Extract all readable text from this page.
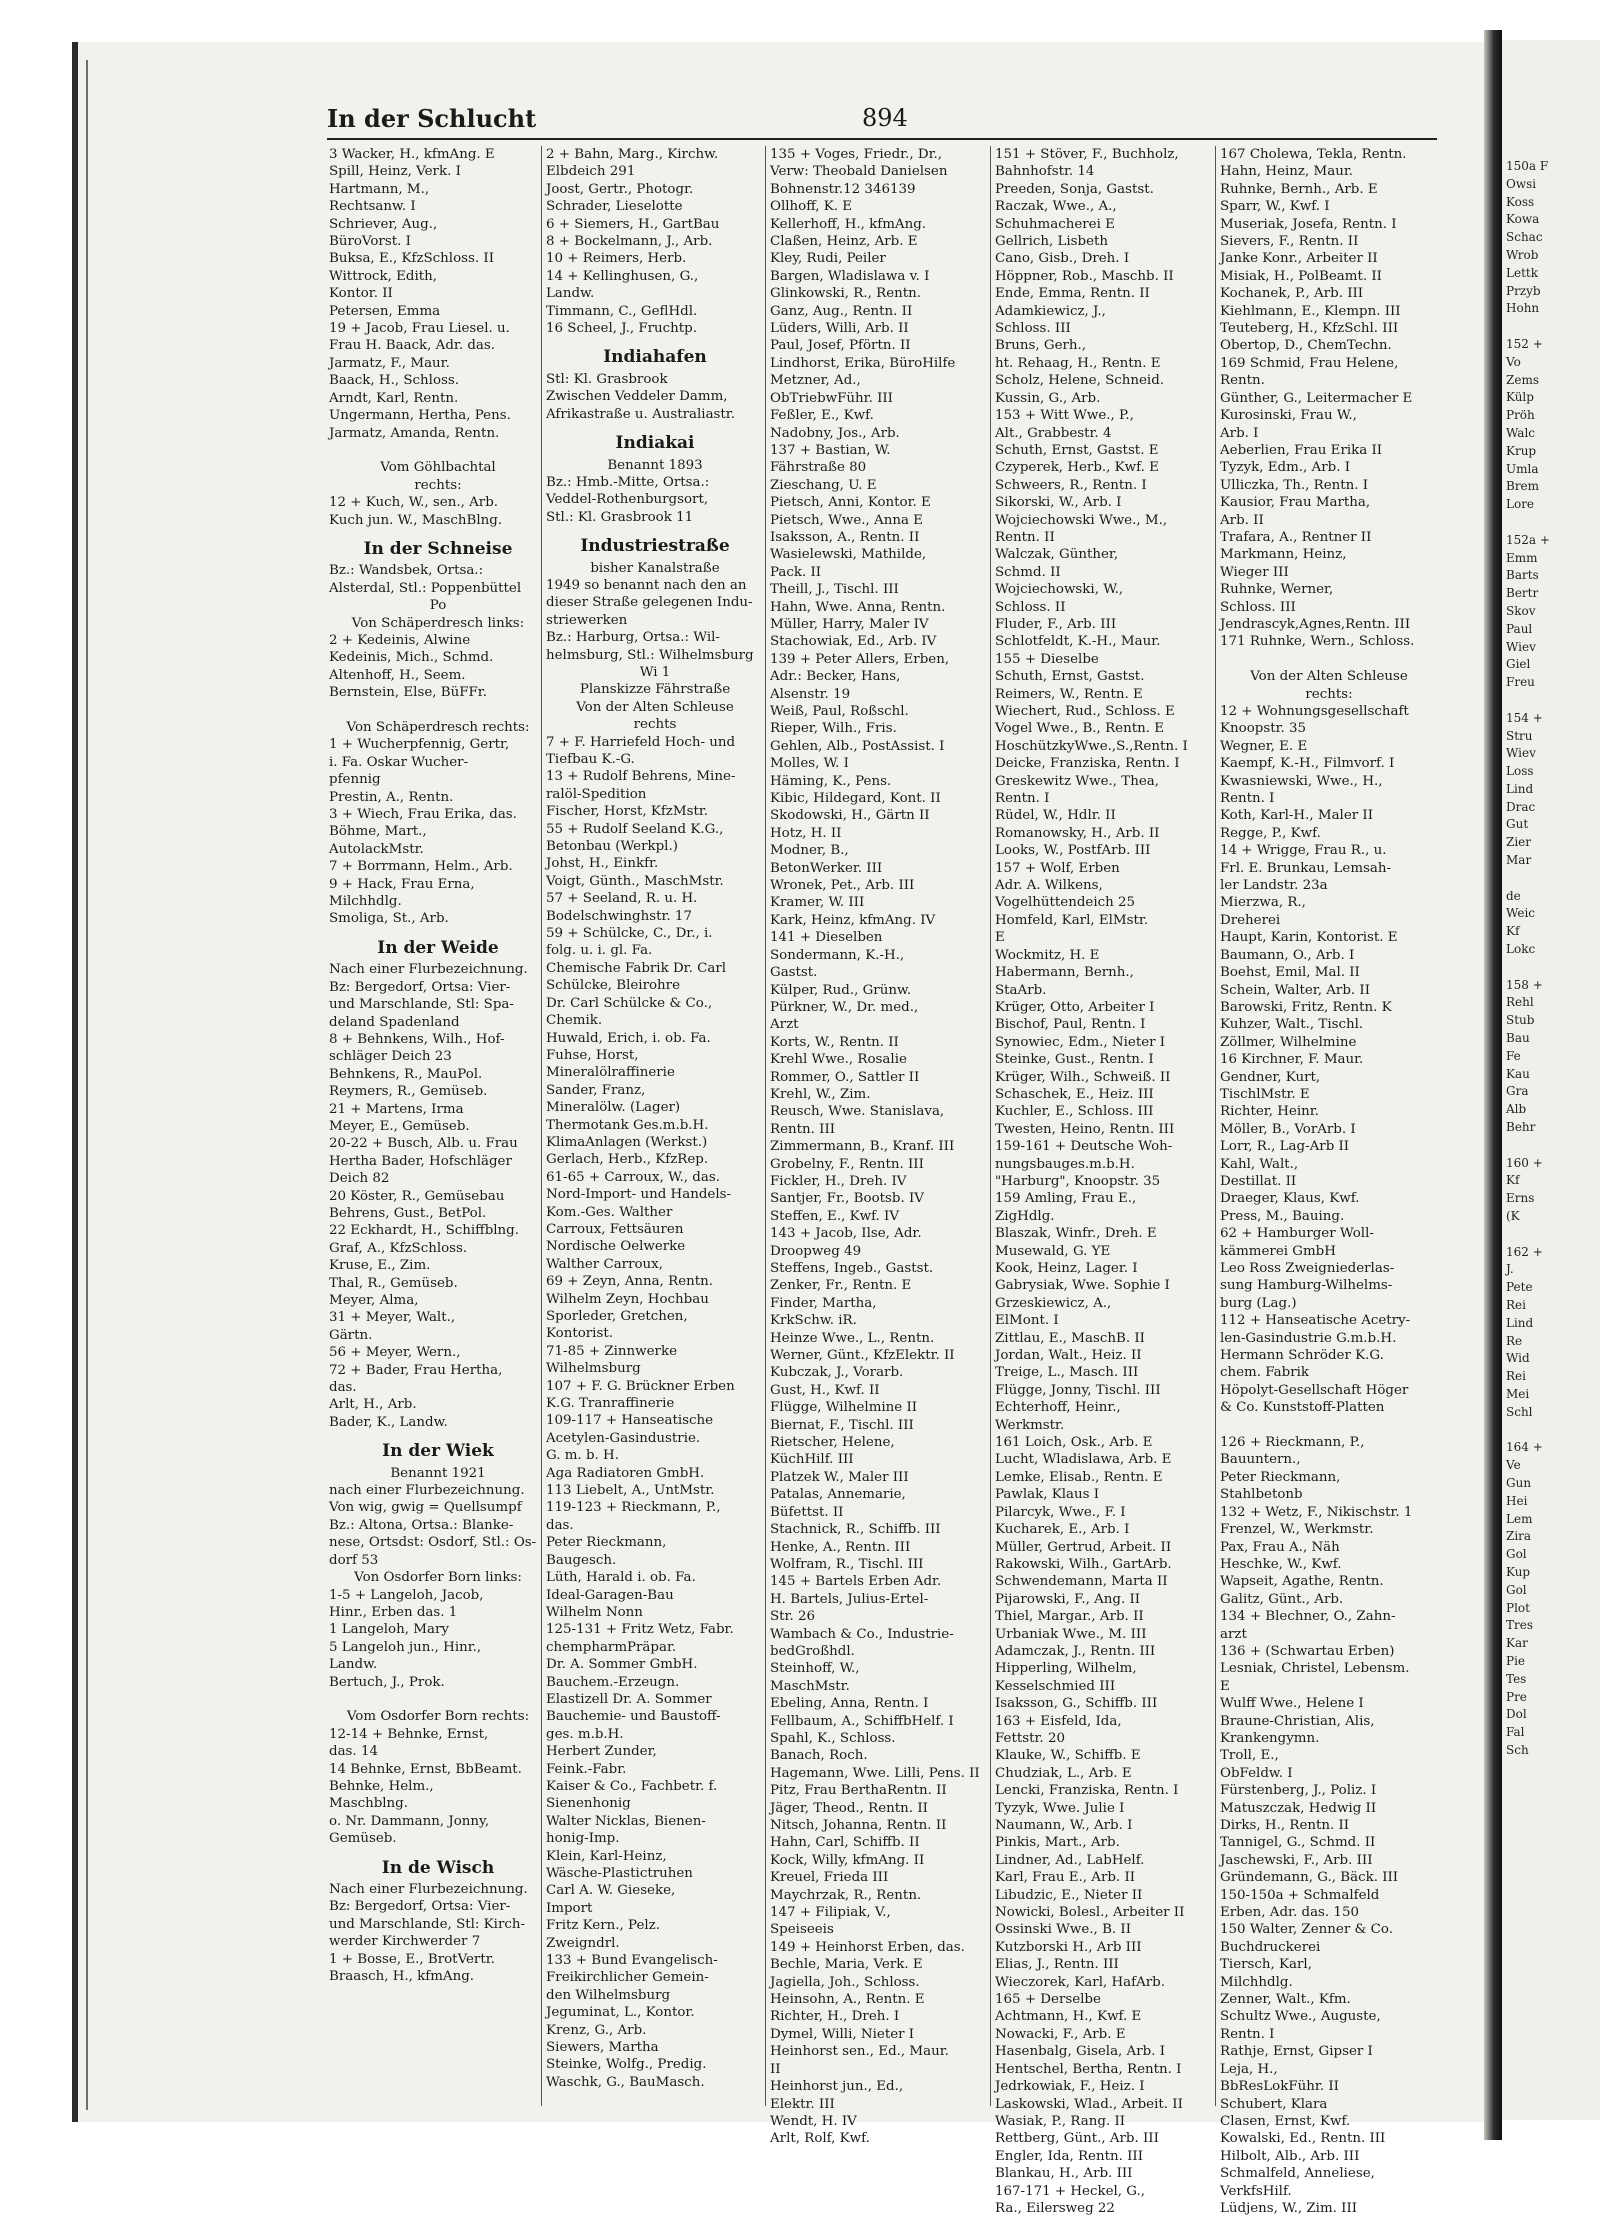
150a F
Owsi
Koss
Kowa
Schac
Wrob
Lettk
Przyb
Hohn

152 +
Vo
Zems
Külp
Pröh
Walc
Krup
Umla
Brem
Lore

152a +
Emm
Barts
Bertr
Skov
Paul
Wiev
Giel
Freu

154 +
Stru
Wiev
Loss
Lind
Drac
Gut
Zier
Mar

de
Weic
Kf
Lokc

158 +
Rehl
Stub
Bau
Fe
Kau
Gra
Alb
Behr

160 +
Kf
Erns
(K

162 +
J.
Pete
Rei
Lind
Re
Wid
Rei
Mei
Schl

164 +
Ve
Gun
Hei
Lem
Zira
Gol
Kup
Gol
Plot
Tres
Kar
Pie
Tes
Pre
Dol
Fal
Sch
In der Schlucht	894
3 Wacker, H., kfmAng. E
Spill, Heinz, Verk. I
Hartmann, M.,
Rechtsanw. I
Schriever, Aug.,
BüroVorst. I
Buksa, E., KfzSchloss. II
Wittrock, Edith,
Kontor. II
Petersen, Emma
19 + Jacob, Frau Liesel. u.
Frau H. Baack, Adr. das.
Jarmatz, F., Maur.
Baack, H., Schloss.
Arndt, Karl, Rentn.
Ungermann, Hertha, Pens.
Jarmatz, Amanda, Rentn.

Vom Göhlbachtal
rechts:
12 + Kuch, W., sen., Arb.
Kuch jun. W., MaschBlng.
In der Schneise
Bz.: Wandsbek, Ortsa.:
Alsterdal, Stl.: Poppenbüttel
Po
Von Schäperdresch links:
2 + Kedeinis, Alwine
Kedeinis, Mich., Schmd.
Altenhoff, H., Seem.
Bernstein, Else, BüFFr.

Von Schäperdresch rechts:
1 + Wucherpfennig, Gertr,
i. Fa. Oskar Wucher-
pfennig
Prestin, A., Rentn.
3 + Wiech, Frau Erika, das.
Böhme, Mart.,
AutolackMstr.
7 + Borrmann, Helm., Arb.
9 + Hack, Frau Erna,
Milchhdlg.
Smoliga, St., Arb.
In der Weide
Nach einer Flurbezeichnung.
Bz: Bergedorf, Ortsa: Vier-
und Marschlande, Stl: Spa-
deland Spadenland
8 + Behnkens, Wilh., Hof-
schläger Deich 23
Behnkens, R., MauPol.
Reymers, R., Gemüseb.
21 + Martens, Irma
Meyer, E., Gemüseb.
20-22 + Busch, Alb. u. Frau
Hertha Bader, Hofschläger
Deich 82
20 Köster, R., Gemüsebau
Behrens, Gust., BetPol.
22 Eckhardt, H., Schiffblng.
Graf, A., KfzSchloss.
Kruse, E., Zim.
Thal, R., Gemüseb.
Meyer, Alma,
31 + Meyer, Walt.,
Gärtn.
56 + Meyer, Wern.,
72 + Bader, Frau Hertha,
das.
Arlt, H., Arb.
Bader, K., Landw.
In der Wiek
Benannt 1921
nach einer Flurbezeichnung.
Von wig, gwig = Quellsumpf
Bz.: Altona, Ortsa.: Blanke-
nese, Ortsdst: Osdorf, Stl.: Os-
dorf 53
Von Osdorfer Born links:
1-5 + Langeloh, Jacob,
Hinr., Erben das. 1
1 Langeloh, Mary
5 Langeloh jun., Hinr.,
Landw.
Bertuch, J., Prok.

Vom Osdorfer Born rechts:
12-14 + Behnke, Ernst,
das. 14
14 Behnke, Ernst, BbBeamt.
Behnke, Helm.,
Maschblng.
o. Nr. Dammann, Jonny,
Gemüseb.
In de Wisch
Nach einer Flurbezeichnung.
Bz: Bergedorf, Ortsa: Vier-
und Marschlande, Stl: Kirch-
werder Kirchwerder 7
1 + Bosse, E., BrotVertr.
Braasch, H., kfmAng.
2 + Bahn, Marg., Kirchw.
Elbdeich 291
Joost, Gertr., Photogr.
Schrader, Lieselotte
6 + Siemers, H., GartBau
8 + Bockelmann, J., Arb.
10 + Reimers, Herb.
14 + Kellinghusen, G.,
Landw.
Timmann, C., GeflHdl.
16 Scheel, J., Fruchtp.
Indiahafen
Stl: Kl. Grasbrook
Zwischen Veddeler Damm,
Afrikastraße u. Australiastr.
Indiakai
Benannt 1893
Bz.: Hmb.-Mitte, Ortsa.:
Veddel-Rothenburgsort,
Stl.: Kl. Grasbrook 11
Industriestraße
bisher Kanalstraße
1949 so benannt nach den an
dieser Straße gelegenen Indu-
striewerken
Bz.: Harburg, Ortsa.: Wil-
helmsburg, Stl.: Wilhelmsburg
Wi 1
Planskizze Fährstraße
Von der Alten Schleuse
rechts
7 + F. Harriefeld Hoch- und
Tiefbau K.-G.
13 + Rudolf Behrens, Mine-
ralöl-Spedition
Fischer, Horst, KfzMstr.
55 + Rudolf Seeland K.G.,
Betonbau (Werkpl.)
Johst, H., Einkfr.
Voigt, Günth., MaschMstr.
57 + Seeland, R. u. H.
Bodelschwinghstr. 17
59 + Schülcke, C., Dr., i.
folg. u. i. gl. Fa.
Chemische Fabrik Dr. Carl
Schülcke, Bleirohre
Dr. Carl Schülcke & Co.,
Chemik.
Huwald, Erich, i. ob. Fa.
Fuhse, Horst,
Mineralölraffinerie
Sander, Franz,
Mineralölw. (Lager)
Thermotank Ges.m.b.H.
KlimaAnlagen (Werkst.)
Gerlach, Herb., KfzRep.
61-65 + Carroux, W., das.
Nord-Import- und Handels-
Kom.-Ges. Walther
Carroux, Fettsäuren
Nordische Oelwerke
Walther Carroux,
69 + Zeyn, Anna, Rentn.
Wilhelm Zeyn, Hochbau
Sporleder, Gretchen,
Kontorist.
71-85 + Zinnwerke
Wilhelmsburg
107 + F. G. Brückner Erben
K.G. Tranraffinerie
109-117 + Hanseatische
Acetylen-Gasindustrie.
G. m. b. H.
Aga Radiatoren GmbH.
113 Liebelt, A., UntMstr.
119-123 + Rieckmann, P.,
das.
Peter Rieckmann,
Baugesch.
Lüth, Harald i. ob. Fa.
Ideal-Garagen-Bau
Wilhelm Nonn
125-131 + Fritz Wetz, Fabr.
chempharmPräpar.
Dr. A. Sommer GmbH.
Bauchem.-Erzeugn.
Elastizell Dr. A. Sommer
Bauchemie- und Baustoff-
ges. m.b.H.
Herbert Zunder,
Feink.-Fabr.
Kaiser & Co., Fachbetr. f.
Sienenhonig
Walter Nicklas, Bienen-
honig-Imp.
Klein, Karl-Heinz,
Wäsche-Plastictruhen
Carl A. W. Gieseke,
Import
Fritz Kern., Pelz.
Zweigndrl.
133 + Bund Evangelisch-
Freikirchlicher Gemein-
den Wilhelmsburg
Jeguminat, L., Kontor.
Krenz, G., Arb.
Siewers, Martha
Steinke, Wolfg., Predig.
Waschk, G., BauMasch.
135 + Voges, Friedr., Dr.,
Verw: Theobald Danielsen
Bohnenstr.12 346139
Ollhoff, K. E
Kellerhoff, H., kfmAng.
Claßen, Heinz, Arb. E
Kley, Rudi, Peiler
Bargen, Wladislawa v. I
Glinkowski, R., Rentn.
Ganz, Aug., Rentn. II
Lüders, Willi, Arb. II
Paul, Josef, Pförtn. II
Lindhorst, Erika, BüroHilfe
Metzner, Ad.,
ObTriebwFühr. III
Feßler, E., Kwf.
Nadobny, Jos., Arb.
137 + Bastian, W.
Fährstraße 80
Zieschang, U. E
Pietsch, Anni, Kontor. E
Pietsch, Wwe., Anna E
Isaksson, A., Rentn. II
Wasielewski, Mathilde,
Pack. II
Theill, J., Tischl. III
Hahn, Wwe. Anna, Rentn.
Müller, Harry, Maler IV
Stachowiak, Ed., Arb. IV
139 + Peter Allers, Erben,
Adr.: Becker, Hans,
Alsenstr. 19
Weiß, Paul, Roßschl.
Rieper, Wilh., Fris.
Gehlen, Alb., PostAssist. I
Molles, W. I
Häming, K., Pens.
Kibic, Hildegard, Kont. II
Skodowski, H., Gärtn II
Hotz, H. II
Modner, B.,
BetonWerker. III
Wronek, Pet., Arb. III
Kramer, W. III
Kark, Heinz, kfmAng. IV
141 + Dieselben
Sondermann, K.-H.,
Gastst.
Külper, Rud., Grünw.
Pürkner, W., Dr. med.,
Arzt
Korts, W., Rentn. II
Krehl Wwe., Rosalie
Rommer, O., Sattler II
Krehl, W., Zim.
Reusch, Wwe. Stanislava,
Rentn. III
Zimmermann, B., Kranf. III
Grobelny, F., Rentn. III
Fickler, H., Dreh. IV
Santjer, Fr., Bootsb. IV
Steffen, E., Kwf. IV
143 + Jacob, Ilse, Adr.
Droopweg 49
Steffens, Ingeb., Gastst.
Zenker, Fr., Rentn. E
Finder, Martha,
KrkSchw. iR.
Heinze Wwe., L., Rentn.
Werner, Günt., KfzElektr. II
Kubczak, J., Vorarb.
Gust, H., Kwf. II
Flügge, Wilhelmine II
Biernat, F., Tischl. III
Rietscher, Helene,
KüchHilf. III
Platzek W., Maler III
Patalas, Annemarie,
Büfettst. II
Stachnick, R., Schiffb. III
Henke, A., Rentn. III
Wolfram, R., Tischl. III
145 + Bartels Erben Adr.
H. Bartels, Julius-Ertel-
Str. 26
Wambach & Co., Industrie-
bedGroßhdl.
Steinhoff, W.,
MaschMstr.
Ebeling, Anna, Rentn. I
Fellbaum, A., SchiffbHelf. I
Spahl, K., Schloss.
Banach, Roch.
Hagemann, Wwe. Lilli, Pens. II
Pitz, Frau BerthaRentn. II
Jäger, Theod., Rentn. II
Nitsch, Johanna, Rentn. II
Hahn, Carl, Schiffb. II
Kock, Willy, kfmAng. II
Kreuel, Frieda III
Maychrzak, R., Rentn.
147 + Filipiak, V.,
Speiseeis
149 + Heinhorst Erben, das.
Bechle, Maria, Verk. E
Jagiella, Joh., Schloss.
Heinsohn, A., Rentn. E
Richter, H., Dreh. I
Dymel, Willi, Nieter I
Heinhorst sen., Ed., Maur.
II
Heinhorst jun., Ed.,
Elektr. III
Wendt, H. IV
Arlt, Rolf, Kwf.
151 + Stöver, F., Buchholz,
Bahnhofstr. 14
Preeden, Sonja, Gastst.
Raczak, Wwe., A.,
Schuhmacherei E
Gellrich, Lisbeth
Cano, Gisb., Dreh. I
Höppner, Rob., Maschb. II
Ende, Emma, Rentn. II
Adamkiewicz, J.,
Schloss. III
Bruns, Gerh.,
ht. Rehaag, H., Rentn. E
Scholz, Helene, Schneid.
Kussin, G., Arb.
153 + Witt Wwe., P.,
Alt., Grabbestr. 4
Schuth, Ernst, Gastst. E
Czyperek, Herb., Kwf. E
Schweers, R., Rentn. I
Sikorski, W., Arb. I
Wojciechowski Wwe., M.,
Rentn. II
Walczak, Günther,
Schmd. II
Wojciechowski, W.,
Schloss. II
Fluder, F., Arb. III
Schlotfeldt, K.-H., Maur.
155 + Dieselbe
Schuth, Ernst, Gastst.
Reimers, W., Rentn. E
Wiechert, Rud., Schloss. E
Vogel Wwe., B., Rentn. E
HoschützkyWwe.,S.,Rentn. I
Deicke, Franziska, Rentn. I
Greskewitz Wwe., Thea,
Rentn. I
Rüdel, W., Hdlr. II
Romanowsky, H., Arb. II
Looks, W., PostfArb. III
157 + Wolf, Erben
Adr. A. Wilkens,
Vogelhüttendeich 25
Homfeld, Karl, ElMstr.
E
Wockmitz, H. E
Habermann, Bernh.,
StaArb.
Krüger, Otto, Arbeiter I
Bischof, Paul, Rentn. I
Synowiec, Edm., Nieter I
Steinke, Gust., Rentn. I
Krüger, Wilh., Schweiß. II
Schaschek, E., Heiz. III
Kuchler, E., Schloss. III
Twesten, Heino, Rentn. III
159-161 + Deutsche Woh-
nungsbauges.m.b.H.
"Harburg", Knoopstr. 35
159 Amling, Frau E.,
ZigHdlg.
Blaszak, Winfr., Dreh. E
Musewald, G. YE
Kook, Heinz, Lager. I
Gabrysiak, Wwe. Sophie I
Grzeskiewicz, A.,
ElMont. I
Zittlau, E., MaschB. II
Jordan, Walt., Heiz. II
Treige, L., Masch. III
Flügge, Jonny, Tischl. III
Echterhoff, Heinr.,
Werkmstr.
161 Loich, Osk., Arb. E
Lucht, Wladislawa, Arb. E
Lemke, Elisab., Rentn. E
Pawlak, Klaus I
Pilarcyk, Wwe., F. I
Kucharek, E., Arb. I
Müller, Gertrud, Arbeit. II
Rakowski, Wilh., GartArb.
Schwendemann, Marta II
Pijarowski, F., Ang. II
Thiel, Margar., Arb. II
Urbaniak Wwe., M. III
Adamczak, J., Rentn. III
Hipperling, Wilhelm,
Kesselschmied III
Isaksson, G., Schiffb. III
163 + Eisfeld, Ida,
Fettstr. 20
Klauke, W., Schiffb. E
Chudziak, L., Arb. E
Lencki, Franziska, Rentn. I
Tyzyk, Wwe. Julie I
Naumann, W., Arb. I
Pinkis, Mart., Arb.
Lindner, Ad., LabHelf.
Karl, Frau E., Arb. II
Libudzic, E., Nieter II
Nowicki, Bolesl., Arbeiter II
Ossinski Wwe., B. II
Kutzborski H., Arb III
Elias, J., Rentn. III
Wieczorek, Karl, HafArb.
165 + Derselbe
Achtmann, H., Kwf. E
Nowacki, F., Arb. E
Hasenbalg, Gisela, Arb. I
Hentschel, Bertha, Rentn. I
Jedrkowiak, F., Heiz. I
Laskowski, Wlad., Arbeit. II
Wasiak, P., Rang. II
Rettberg, Günt., Arb. III
Engler, Ida, Rentn. III
Blankau, H., Arb. III
167-171 + Heckel, G.,
Ra., Eilersweg 22
167 Cholewa, Tekla, Rentn.
Hahn, Heinz, Maur.
Ruhnke, Bernh., Arb. E
Sparr, W., Kwf. I
Museriak, Josefa, Rentn. I
Sievers, F., Rentn. II
Janke Konr., Arbeiter II
Misiak, H., PolBeamt. II
Kochanek, P., Arb. III
Kiehlmann, E., Klempn. III
Teuteberg, H., KfzSchl. III
Obertop, D., ChemTechn.
169 Schmid, Frau Helene,
Rentn.
Günther, G., Leitermacher E
Kurosinski, Frau W.,
Arb. I
Aeberlien, Frau Erika II
Tyzyk, Edm., Arb. I
Ulliczka, Th., Rentn. I
Kausior, Frau Martha,
Arb. II
Trafara, A., Rentner II
Markmann, Heinz,
Wieger III
Ruhnke, Werner,
Schloss. III
Jendrascyk,Agnes,Rentn. III
171 Ruhnke, Wern., Schloss.

Von der Alten Schleuse
rechts:
12 + Wohnungsgesellschaft
Knoopstr. 35
Wegner, E. E
Kaempf, K.-H., Filmvorf. I
Kwasniewski, Wwe., H.,
Rentn. I
Koth, Karl-H., Maler II
Regge, P., Kwf.
14 + Wrigge, Frau R., u.
Frl. E. Brunkau, Lemsah-
ler Landstr. 23a
Mierzwa, R.,
Dreherei
Haupt, Karin, Kontorist. E
Baumann, O., Arb. I
Boehst, Emil, Mal. II
Schein, Walter, Arb. II
Barowski, Fritz, Rentn. K
Kuhzer, Walt., Tischl.
Zöllmer, Wilhelmine
16 Kirchner, F. Maur.
Gendner, Kurt,
TischlMstr. E
Richter, Heinr.
Möller, B., VorArb. I
Lorr, R., Lag-Arb II
Kahl, Walt.,
Destillat. II
Draeger, Klaus, Kwf.
Press, M., Bauing.
62 + Hamburger Woll-
kämmerei GmbH
Leo Ross Zweigniederlas-
sung Hamburg-Wilhelms-
burg (Lag.)
112 + Hanseatische Acetry-
len-Gasindustrie G.m.b.H.
Hermann Schröder K.G.
chem. Fabrik
Höpolyt-Gesellschaft Höger
& Co. Kunststoff-Platten

126 + Rieckmann, P.,
Bauuntern.,
Peter Rieckmann,
Stahlbetonb
132 + Wetz, F., Nikischstr. 1
Frenzel, W., Werkmstr.
Pax, Frau A., Näh
Heschke, W., Kwf.
Wapseit, Agathe, Rentn.
Galitz, Günt., Arb.
134 + Blechner, O., Zahn-
arzt
136 + (Schwartau Erben)
Lesniak, Christel, Lebensm.
E
Wulff Wwe., Helene I
Braune-Christian, Alis,
Krankengymn.
Troll, E.,
ObFeldw. I
Fürstenberg, J., Poliz. I
Matuszczak, Hedwig II
Dirks, H., Rentn. II
Tannigel, G., Schmd. II
Jaschewski, F., Arb. III
Gründemann, G., Bäck. III
150-150a + Schmalfeld
Erben, Adr. das. 150
150 Walter, Zenner & Co.
Buchdruckerei
Tiersch, Karl,
Milchhdlg.
Zenner, Walt., Kfm.
Schultz Wwe., Auguste,
Rentn. I
Rathje, Ernst, Gipser I
Leja, H.,
BbResLokFühr. II
Schubert, Klara
Clasen, Ernst, Kwf.
Kowalski, Ed., Rentn. III
Hilbolt, Alb., Arb. III
Schmalfeld, Anneliese,
VerkfsHilf.
Lüdjens, W., Zim. III
